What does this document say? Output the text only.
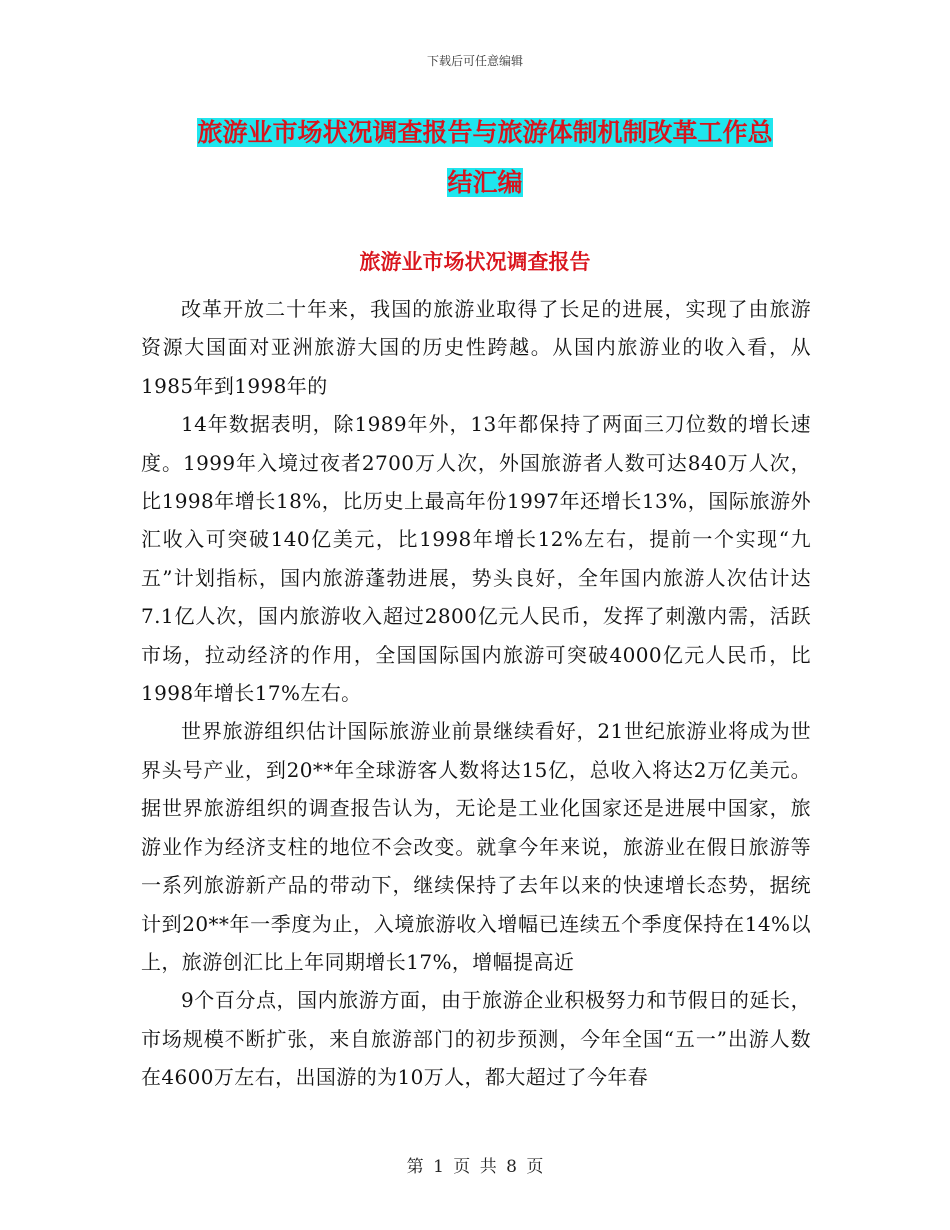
下载后可任意编辑
旅游业市场状况调查报告与旅游体制机制改革工作总
结汇编
旅游业市场状况调查报告

改革开放二十年来，我国的旅游业取得了长足的进展，实现了由旅游资源大国面对亚洲旅游大国的历史性跨越。从国内旅游业的收入看，从1985年到1998年的

14年数据表明，除1989年外，13年都保持了两面三刀位数的增长速度。1999年入境过夜者2700万人次，外国旅游者人数可达840万人次，比1998年增长18%，比历史上最高年份1997年还增长13%，国际旅游外汇收入可突破140亿美元，比1998年增长12%左右，提前一个实现“九五”计划指标，国内旅游蓬勃进展，势头良好，全年国内旅游人次估计达7.1亿人次，国内旅游收入超过2800亿元人民币，发挥了刺激内需，活跃市场，拉动经济的作用，全国国际国内旅游可突破4000亿元人民币，比1998年增长17%左右。

世界旅游组织估计国际旅游业前景继续看好，21世纪旅游业将成为世界头号产业，到20**年全球游客人数将达15亿，总收入将达2万亿美元。据世界旅游组织的调查报告认为，无论是工业化国家还是进展中国家，旅游业作为经济支柱的地位不会改变。就拿今年来说，旅游业在假日旅游等一系列旅游新产品的带动下，继续保持了去年以来的快速增长态势，据统计到20**年一季度为止，入境旅游收入增幅已连续五个季度保持在14%以上，旅游创汇比上年同期增长17%，增幅提高近

9个百分点，国内旅游方面，由于旅游企业积极努力和节假日的延长，市场规模不断扩张，来自旅游部门的初步预测，今年全国“五一”出游人数在4600万左右，出国游的为10万人，都大超过了今年春

第 1 页 共 8 页
